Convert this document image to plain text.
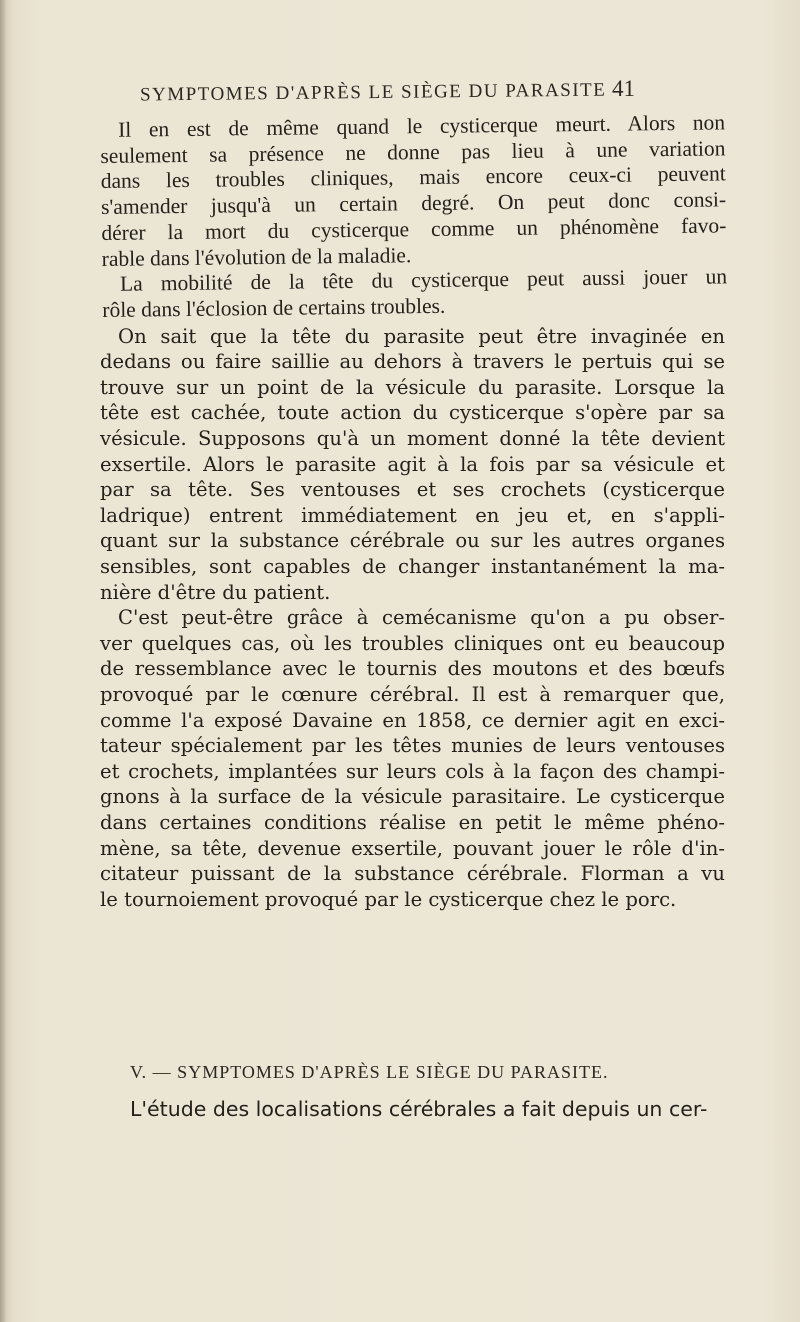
SYMPTOMES D'APRÈS LE SIÈGE DU PARASITE 41

Il en est de même quand le cysticerque meurt. Alors non
seulement sa présence ne donne pas lieu à une variation
dans les troubles cliniques, mais encore ceux-ci peuvent
s'amender jusqu'à un certain degré. On peut donc consi-
dérer la mort du cysticerque comme un phénomène favo-
rable dans l'évolution de la maladie.

La mobilité de la tête du cysticerque peut aussi jouer un
rôle dans l'éclosion de certains troubles.

On sait que la tête du parasite peut être invaginée en
dedans ou faire saillie au dehors à travers le pertuis qui se
trouve sur un point de la vésicule du parasite. Lorsque la
tête est cachée, toute action du cysticerque s'opère par sa
vésicule. Supposons qu'à un moment donné la tête devient
exsertile. Alors le parasite agit à la fois par sa vésicule et
par sa tête. Ses ventouses et ses crochets (cysticerque
ladrique) entrent immédiatement en jeu et, en s'appli-
quant sur la substance cérébrale ou sur les autres organes
sensibles, sont capables de changer instantanément la ma-
nière d'être du patient.

C'est peut-être grâce à cemécanisme qu'on a pu obser-
ver quelques cas, où les troubles cliniques ont eu beaucoup
de ressemblance avec le tournis des moutons et des bœufs
provoqué par le cœnure cérébral. Il est à remarquer que,
comme l'a exposé Davaine en 1858, ce dernier agit en exci-
tateur spécialement par les têtes munies de leurs ventouses
et crochets, implantées sur leurs cols à la façon des champi-
gnons à la surface de la vésicule parasitaire. Le cysticerque
dans certaines conditions réalise en petit le même phéno-
mène, sa tête, devenue exsertile, pouvant jouer le rôle d'in-
citateur puissant de la substance cérébrale. Florman a vu
le tournoiement provoqué par le cysticerque chez le porc.

V. — SYMPTOMES D'APRÈS LE SIÈGE DU PARASITE.
L'étude des localisations cérébrales a fait depuis un cer-
